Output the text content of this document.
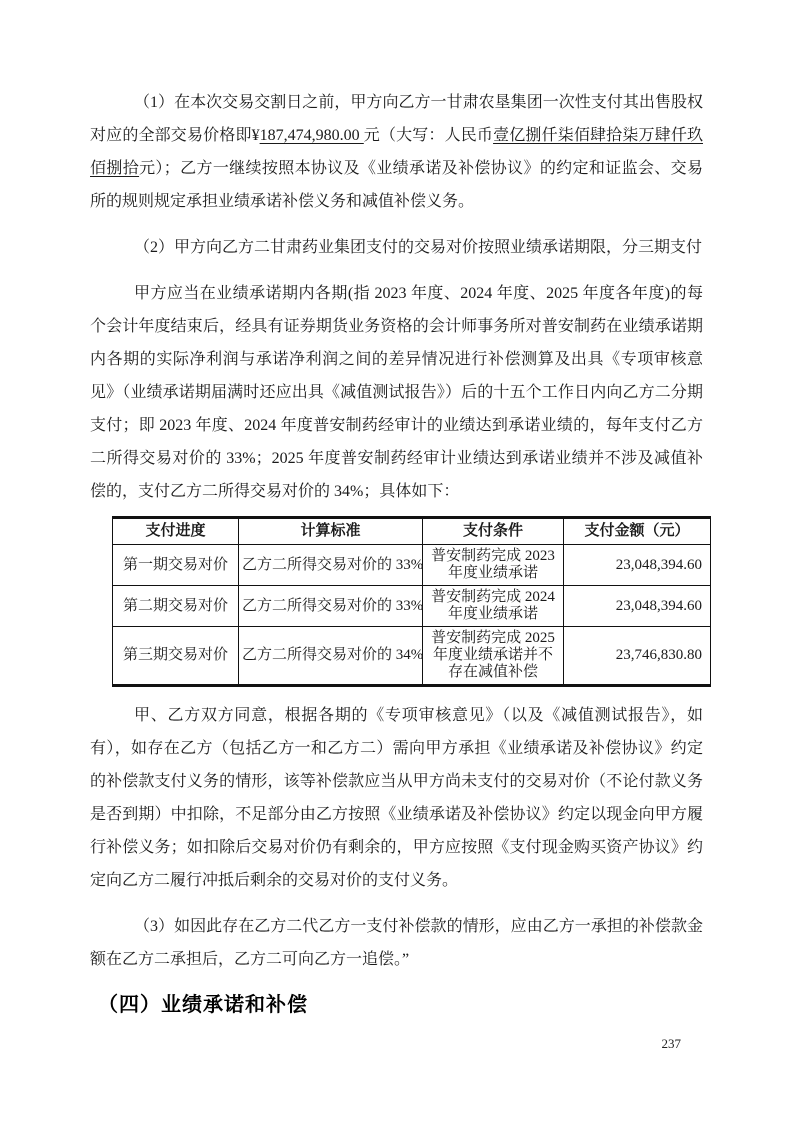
（1）在本次交易交割日之前，甲方向乙方一甘肃农垦集团一次性支付其出售股权对应的全部交易价格即¥187,474,980.00 元（大写：人民币壹亿捌仟柒佰肆拾柒万肆仟玖佰捌拾元）；乙方一继续按照本协议及《业绩承诺及补偿协议》的约定和证监会、交易所的规则规定承担业绩承诺补偿义务和减值补偿义务。

（2）甲方向乙方二甘肃药业集团支付的交易对价按照业绩承诺期限，分三期支付

甲方应当在业绩承诺期内各期(指 2023 年度、2024 年度、2025 年度各年度)的每个会计年度结束后，经具有证券期货业务资格的会计师事务所对普安制药在业绩承诺期内各期的实际净利润与承诺净利润之间的差异情况进行补偿测算及出具《专项审核意见》（业绩承诺期届满时还应出具《减值测试报告》）后的十五个工作日内向乙方二分期支付；即 2023 年度、2024 年度普安制药经审计的业绩达到承诺业绩的，每年支付乙方二所得交易对价的 33%；2025 年度普安制药经审计业绩达到承诺业绩并不涉及减值补偿的，支付乙方二所得交易对价的 34%；具体如下：

支付进度	计算标准	支付条件	支付金额（元）
第一期交易对价	乙方二所得交易对价的 33%	普安制药完成 2023 年度业绩承诺	23,048,394.60
第二期交易对价	乙方二所得交易对价的 33%	普安制药完成 2024 年度业绩承诺	23,048,394.60
第三期交易对价	乙方二所得交易对价的 34%	普安制药完成 2025 年度业绩承诺并不存在减值补偿	23,746,830.80

甲、乙方双方同意，根据各期的《专项审核意见》（以及《减值测试报告》，如有），如存在乙方（包括乙方一和乙方二）需向甲方承担《业绩承诺及补偿协议》约定的补偿款支付义务的情形，该等补偿款应当从甲方尚未支付的交易对价（不论付款义务是否到期）中扣除，不足部分由乙方按照《业绩承诺及补偿协议》约定以现金向甲方履行补偿义务；如扣除后交易对价仍有剩余的，甲方应按照《支付现金购买资产协议》约定向乙方二履行冲抵后剩余的交易对价的支付义务。

（3）如因此存在乙方二代乙方一支付补偿款的情形，应由乙方一承担的补偿款金额在乙方二承担后，乙方二可向乙方一追偿。”

（四）业绩承诺和补偿
237
